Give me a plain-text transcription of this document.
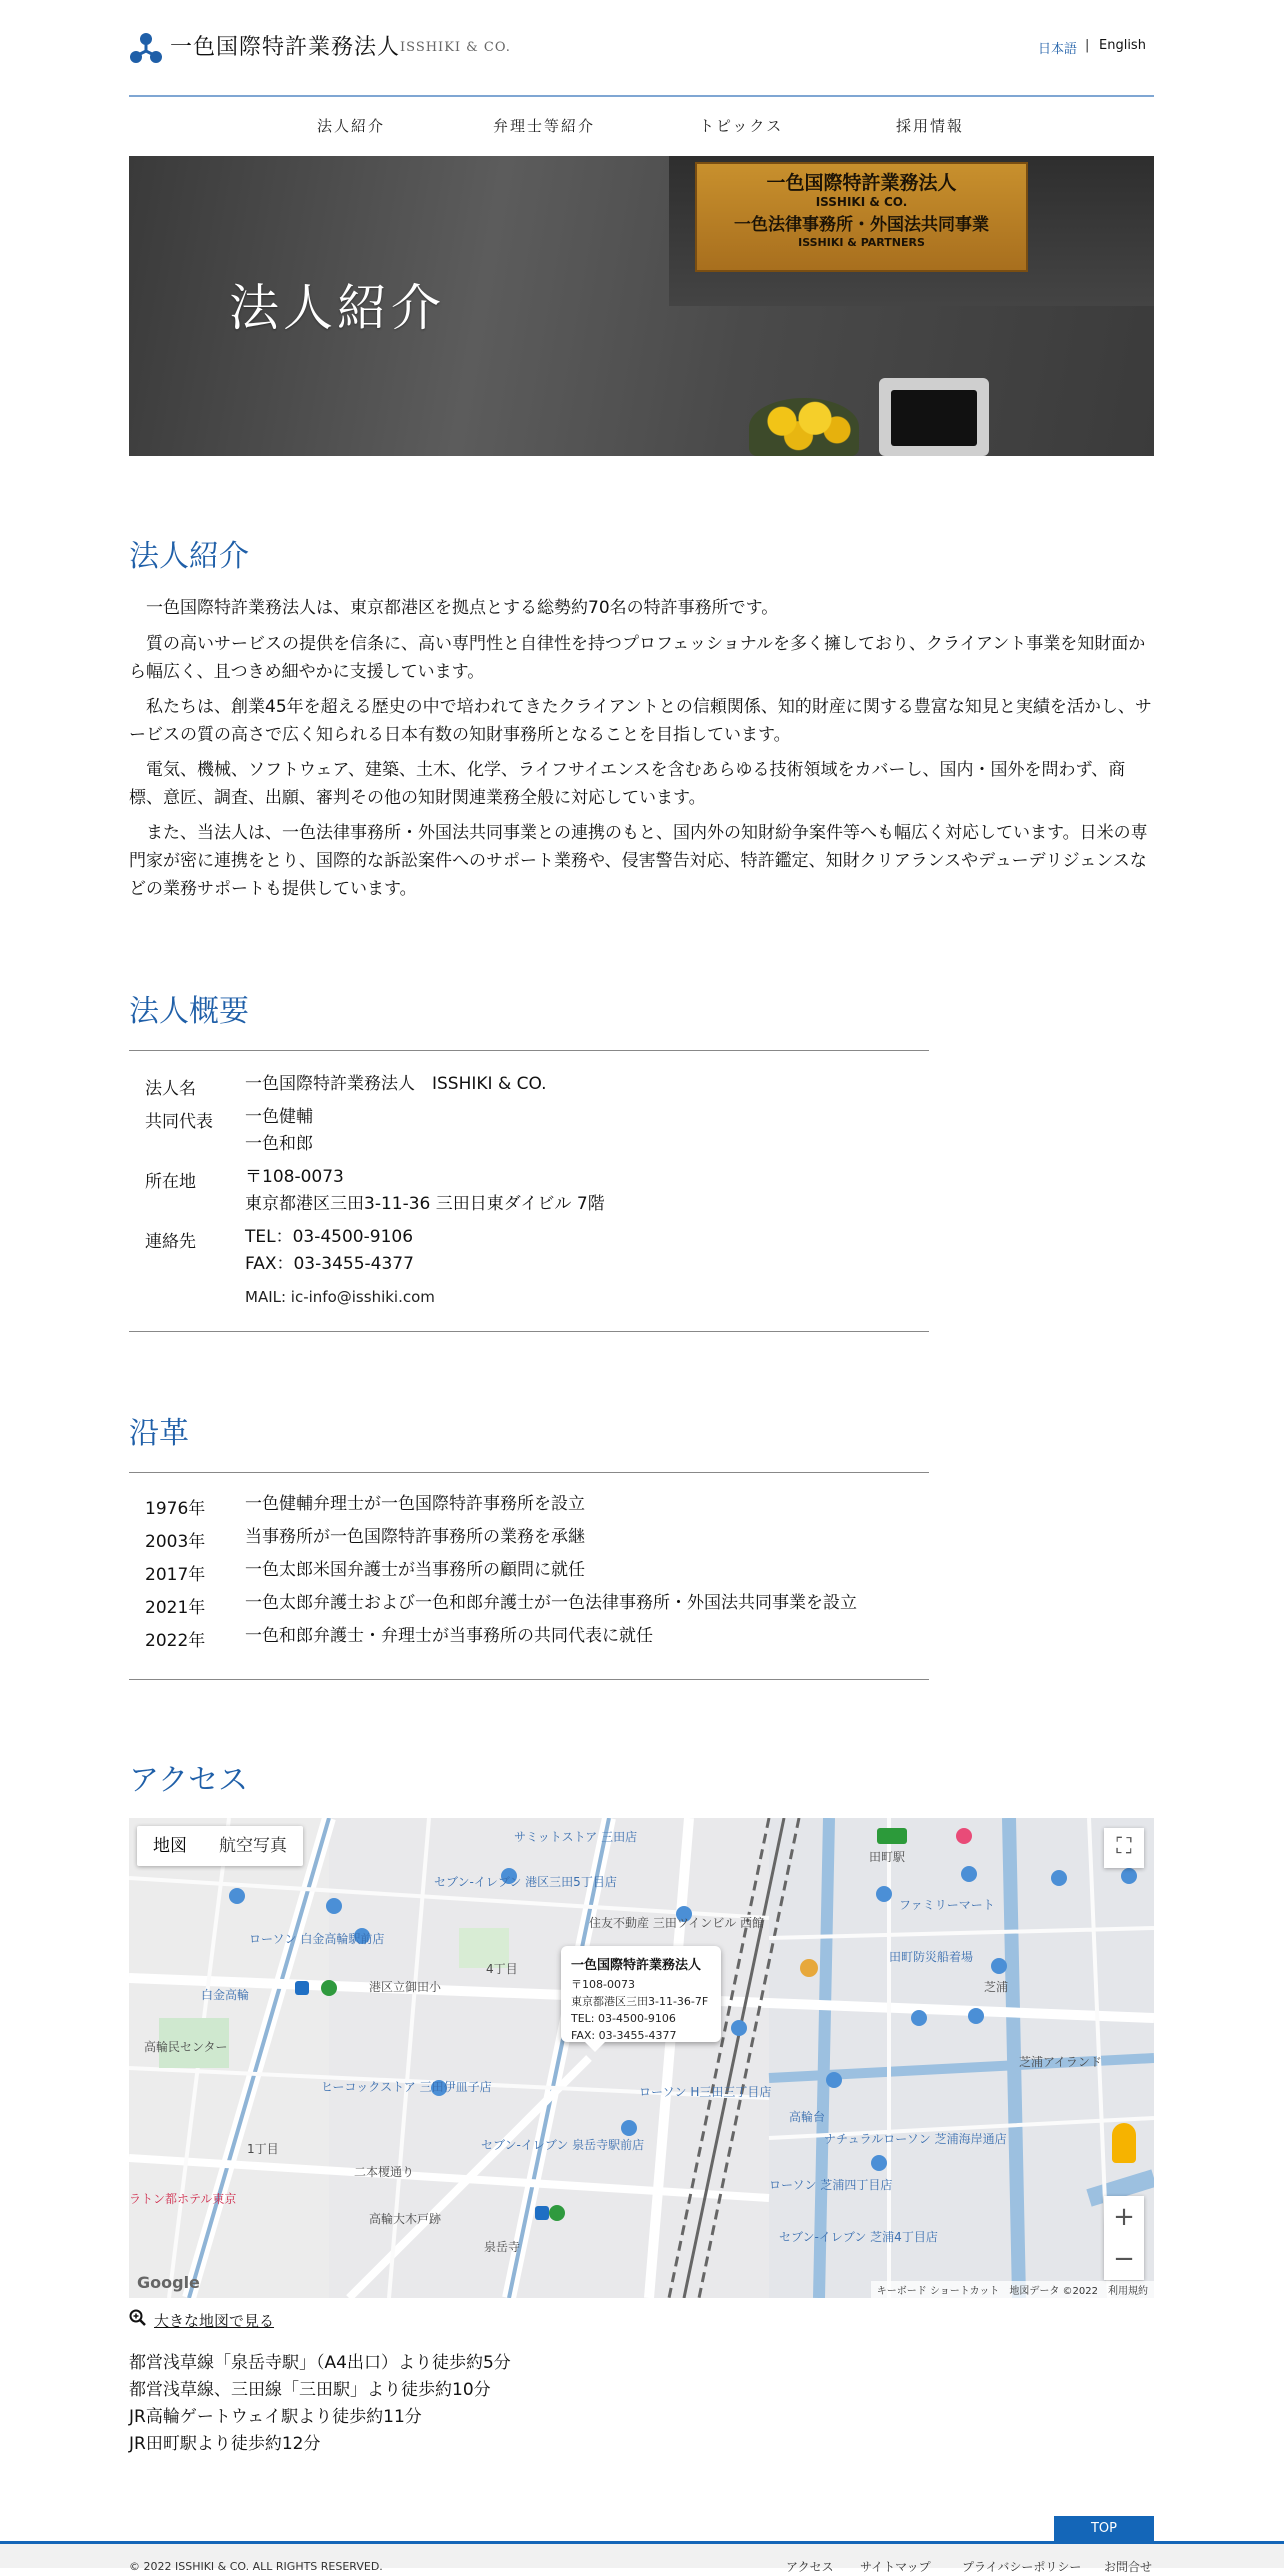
一色国際特許業務法人 ISSHIKI & CO.	日本語 | English
法人紹介	弁理士等紹介	トピックス	採用情報
一色国際特許業務法人
ISSHIKI & CO.
一色法律事務所・外国法共同事業
ISSHIKI & PARTNERS
法人紹介
法人紹介

一色国際特許業務法人は、東京都港区を拠点とする総勢約70名の特許事務所です。

質の高いサービスの提供を信条に、高い専門性と自律性を持つプロフェッショナルを多く擁しており、クライアント事業を知財面から幅広く、且つきめ細やかに支援しています。

私たちは、創業45年を超える歴史の中で培われてきたクライアントとの信頼関係、知的財産に関する豊富な知見と実績を活かし、サービスの質の高さで広く知られる日本有数の知財事務所となることを目指しています。

電気、機械、ソフトウェア、建築、土木、化学、ライフサイエンスを含むあらゆる技術領域をカバーし、国内・国外を問わず、商標、意匠、調査、出願、審判その他の知財関連業務全般に対応しています。

また、当法人は、一色法律事務所・外国法共同事業との連携のもと、国内外の知財紛争案件等へも幅広く対応しています。日米の専門家が密に連携をとり、国際的な訴訟案件へのサポート業務や、侵害警告対応、特許鑑定、知財クリアランスやデューデリジェンスなどの業務サポートも提供しています。

法人概要
法人名	一色国際特許業務法人　ISSHIKI & CO.
共同代表 一色健輔
一色和郎
所在地	〒108-0073
東京都港区三田3-11-36 三田日東ダイビル 7階
連絡先	TEL：03-4500-9106
FAX：03-3455-4377
MAIL: ic-info@isshiki.com
沿革
1976年 一色健輔弁理士が一色国際特許事務所を設立
2003年 当事務所が一色国際特許事務所の業務を承継
2017年 一色太郎米国弁護士が当事務所の顧問に就任
2021年 一色太郎弁護士および一色和郎弁護士が一色法律事務所・外国法共同事業を設立
2022年 一色和郎弁護士・弁理士が当事務所の共同代表に就任
アクセス
サミットストア 三田店
田町駅
セブン-イレブン 港区三田5丁目店
ローソン 白金高輪駅前店
白金高輪
港区立御田小
住友不動産 三田ツインビル 西館
ファミリーマート
田町防災船着場
芝浦
ローソン H三田三丁目店
ヒーコックストア 三田伊皿子店
セブン-イレブン 泉岳寺駅前店
ローソン 芝浦四丁目店
泉岳寺
高輪大木戸跡
ラトン都ホテル東京
高輪民センター
芝浦アイランド
セブン-イレブン 芝浦4丁目店
高輪台
ナチュラルローソン 芝浦海岸通店
4丁目
1丁目
二本榎通り
地図	航空写真	⛶
+
−
一色国際特許業務法人
〒108-0073
東京都港区三田3-11-36-7F
TEL: 03-4500-9106
FAX: 03-3455-4377
Google	キーボード ショートカット　地図データ ©2022　利用規約
大きな地図で見る
都営浅草線「泉岳寺駅」（A4出口）より徒歩約5分
都営浅草線、三田線「三田駅」より徒歩約10分
JR高輪ゲートウェイ駅より徒歩約11分
JR田町駅より徒歩約12分
TOP
© 2022 ISSHIKI & CO. ALL RIGHTS RESERVED.	アクセス サイトマップ	プライバシーポリシー お問合せ
